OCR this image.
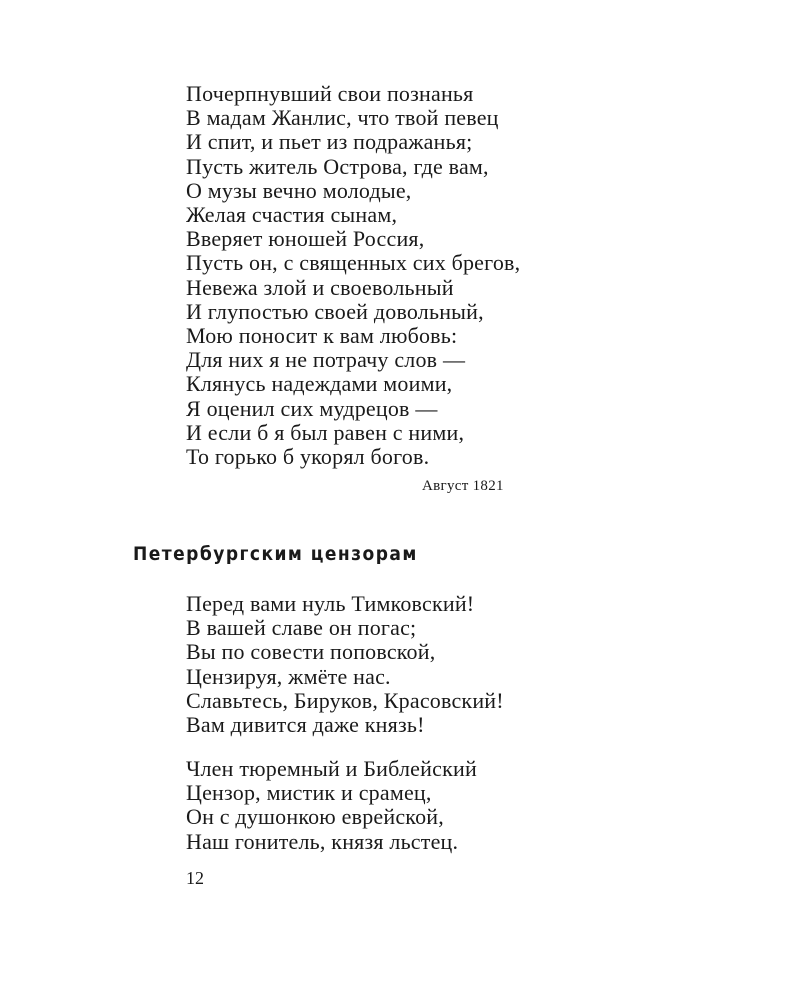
Почерпнувший свои познанья
В мадам Жанлис, что твой певец
И спит, и пьет из подражанья;
Пусть житель Острова, где вам,
О музы вечно молодые,
Желая счастия сынам,
Вверяет юношей Россия,
Пусть он, с священных сих брегов,
Невежа злой и своевольный
И глупостью своей довольный,
Мою поносит к вам любовь:
Для них я не потрачу слов —
Клянусь надеждами моими,
Я оценил сих мудрецов —
И если б я был равен с ними,
То горько б укорял богов.
Август 1821
Петербургским цензорам
Перед вами нуль Тимковский!
В вашей славе он погас;
Вы по совести поповской,
Цензируя, жмёте нас.
Славьтесь, Бируков, Красовский!
Вам дивится даже князь!
Член тюремный и Библейский
Цензор, мистик и срамец,
Он с душонкою еврейской,
Наш гонитель, князя льстец.
12
